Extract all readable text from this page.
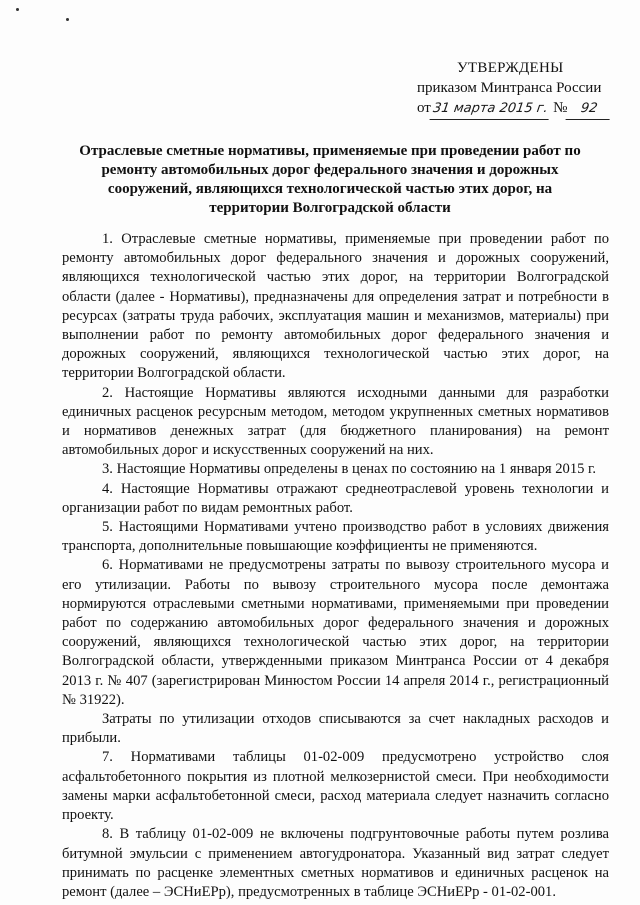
УТВЕРЖДЕНЫ
приказом Минтранса России
от31 марта 2015 г. № 92
Отраслевые сметные нормативы, применяемые при проведении работ по ремонту автомобильных дорог федерального значения и дорожных сооружений, являющихся технологической частью этих дорог, на территории Волгоградской области

1. Отраслевые сметные нормативы, применяемые при проведении работ по ремонту автомобильных дорог федерального значения и дорожных сооружений, являющихся технологической частью этих дорог, на территории Волгоградской области (далее - Нормативы), предназначены для определения затрат и потребности в ресурсах (затраты труда рабочих, эксплуатация машин и механизмов, материалы) при выполнении работ по ремонту автомобильных дорог федерального значения и дорожных сооружений, являющихся технологической частью этих дорог, на территории Волгоградской области.

2. Настоящие Нормативы являются исходными данными для разработки единичных расценок ресурсным методом, методом укрупненных сметных нормативов и нормативов денежных затрат (для бюджетного планирования) на ремонт автомобильных дорог и искусственных сооружений на них.

3. Настоящие Нормативы определены в ценах по состоянию на 1 января 2015 г.

4. Настоящие Нормативы отражают среднеотраслевой уровень технологии и организации работ по видам ремонтных работ.

5. Настоящими Нормативами учтено производство работ в условиях движения транспорта, дополнительные повышающие коэффициенты не применяются.

6. Нормативами не предусмотрены затраты по вывозу строительного мусора и его утилизации. Работы по вывозу строительного мусора после демонтажа нормируются отраслевыми сметными нормативами, применяемыми при проведении работ по содержанию автомобильных дорог федерального значения и дорожных сооружений, являющихся технологической частью этих дорог, на территории Волгоградской области, утвержденными приказом Минтранса России от 4 декабря 2013 г. № 407 (зарегистрирован Минюстом России 14 апреля 2014 г., регистрационный № 31922).

Затраты по утилизации отходов списываются за счет накладных расходов и прибыли.

7. Нормативами таблицы 01-02-009 предусмотрено устройство слоя асфальтобетонного покрытия из плотной мелкозернистой смеси. При необходимости замены марки асфальтобетонной смеси, расход материала следует назначить согласно проекту.

8. В таблицу 01-02-009 не включены подгрунтовочные работы путем розлива битумной эмульсии с применением автогудронатора. Указанный вид затрат следует принимать по расценке элементных сметных нормативов и единичных расценок на ремонт (далее – ЭСНиЕРр), предусмотренных в таблице ЭСНиЕРр - 01-02-001.
